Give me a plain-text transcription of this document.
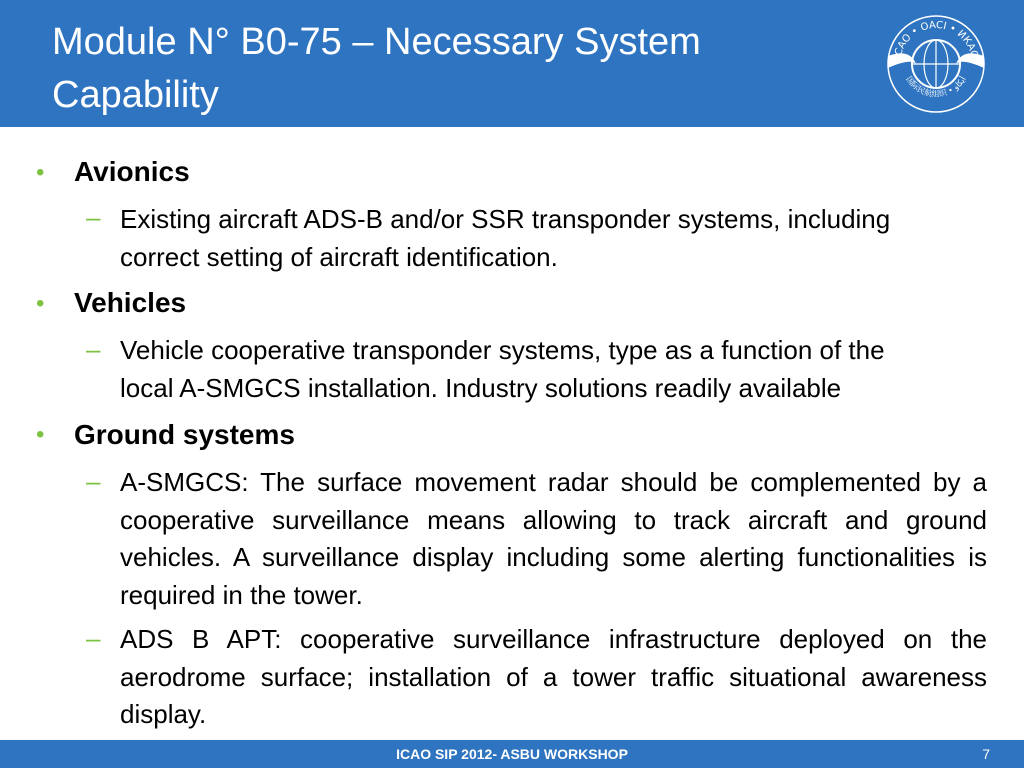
Module N° B0-75 – Necessary System
Capability
ICAO • OACI • ИКАО
国际民航组织 • أيكاو
• Avionics
– Existing aircraft ADS-B and/or SSR transponder systems, including
correct setting of aircraft identification.
• Vehicles
– Vehicle cooperative transponder systems, type as a function of the
local A-SMGCS installation. Industry solutions readily available
• Ground systems
– A-SMGCS: The surface movement radar should be complemented by a cooperative surveillance means allowing to track aircraft and ground vehicles. A surveillance display including some alerting functionalities is required in the tower.
– ADS B APT: cooperative surveillance infrastructure deployed on the aerodrome surface; installation of a tower traffic situational awareness display.
ICAO SIP 2012- ASBU WORKSHOP	7
